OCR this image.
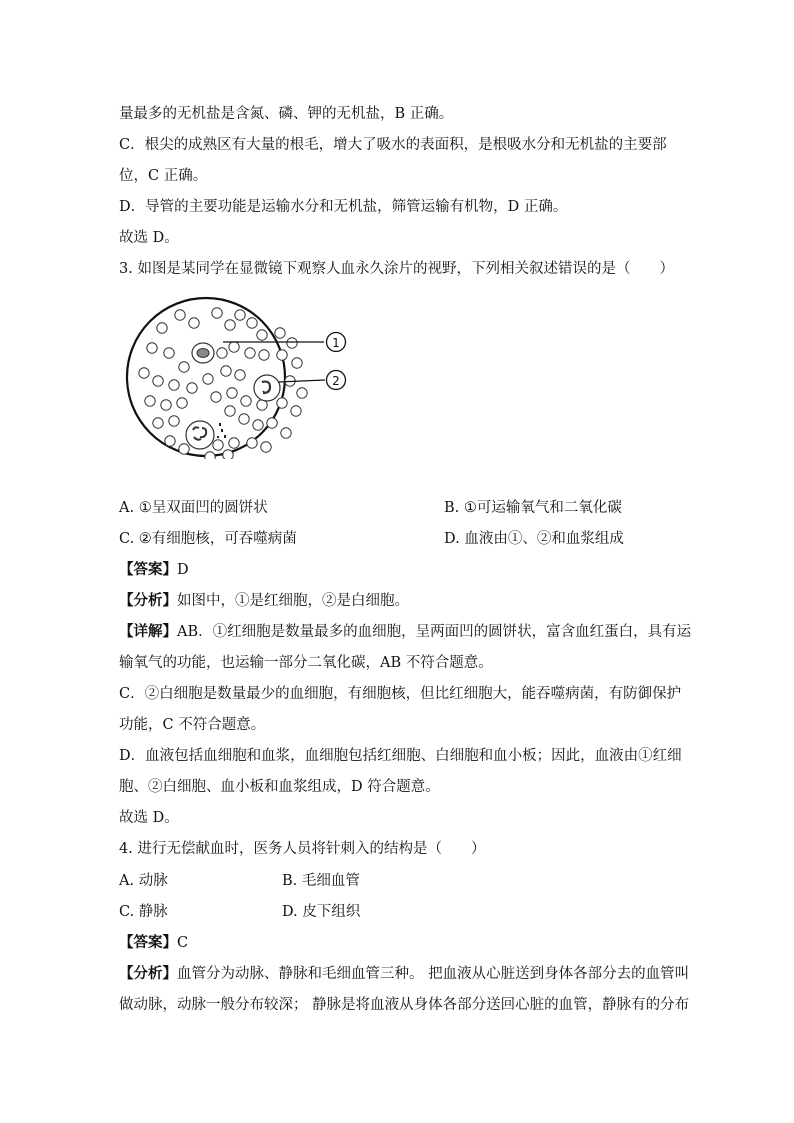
量最多的无机盐是含氮、磷、钾的无机盐，B 正确。
C．根尖的成熟区有大量的根毛，增大了吸水的表面积，是根吸水分和无机盐的主要部
位，C 正确。
D．导管的主要功能是运输水分和无机盐，筛管运输有机物，D 正确。
故选 D。
3. 如图是某同学在显微镜下观察人血永久涂片的视野，下列相关叙述错误的是（　　）
1
2
A. ①呈双面凹的圆饼状	B. ①可运输氧气和二氧化碳
C. ②有细胞核，可吞噬病菌	D. 血液由①、②和血浆组成
【答案】D
【分析】如图中，①是红细胞，②是白细胞。
【详解】AB．①红细胞是数量最多的血细胞，呈两面凹的圆饼状，富含血红蛋白，具有运
输氧气的功能，也运输一部分二氧化碳，AB 不符合题意。
C．②白细胞是数量最少的血细胞，有细胞核，但比红细胞大，能吞噬病菌，有防御保护
功能，C 不符合题意。
D．血液包括血细胞和血浆，血细胞包括红细胞、白细胞和血小板；因此，血液由①红细
胞、②白细胞、血小板和血浆组成，D 符合题意。
故选 D。
4. 进行无偿献血时，医务人员将针刺入的结构是（　　）
A. 动脉	B. 毛细血管
C. 静脉	D. 皮下组织
【答案】C
【分析】血管分为动脉、静脉和毛细血管三种。 把血液从心脏送到身体各部分去的血管叫
做动脉，动脉一般分布较深； 静脉是将血液从身体各部分送回心脏的血管，静脉有的分布
